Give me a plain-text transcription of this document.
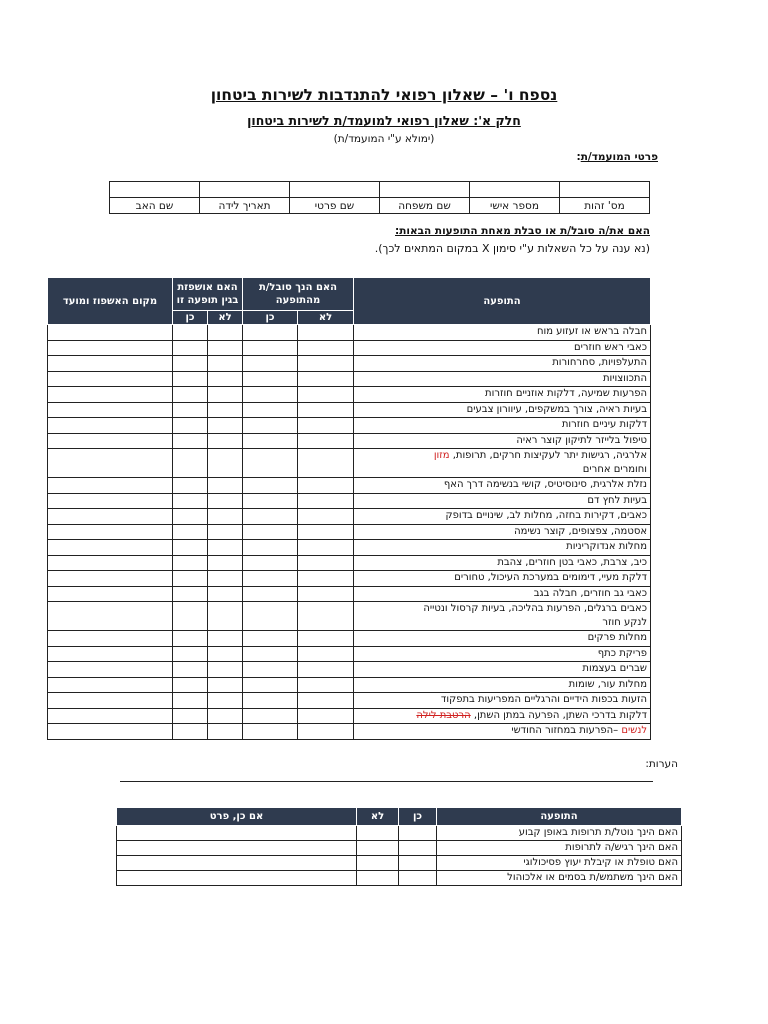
נספח ו' – שאלון רפואי להתנדבות לשירות ביטחון
חלק א': שאלון רפואי למועמד/ת לשירות ביטחון
(ימולא ע"י המועמד/ת)
פרטי המועמד/ת:

מס' זהות	מספר אישי	שם משפחה	שם פרטי	תאריך לידה	שם האב
האם את/ה סובל/ת או סבלת מאחת התופעות הבאות:
(נא ענה על כל השאלות ע"י סימון X במקום המתאים לכך).
התופעה	האם הנך סובל/ת מהתופעה		האם אושפזת בגין תופעה זו		מקום האשפוז ומועד
	לא	כן	לא	כן	
חבלה בראש או זעזוע מוח					
כאבי ראש חוזרים					
התעלפויות, סחרחורות					
התכווצויות					
הפרעות שמיעה, דלקות אוזניים חוזרות					
בעיות ראיה, צורך במשקפים, עיוורון צבעים					
דלקות עיניים חוזרות					
טיפול בלייזר לתיקון קוצר ראיה					
אלרגיה, רגישות יתר לעקיצות חרקים, תרופות, מזון
וחומרים אחרים					

נזלת אלרגית, סינוסיטיס, קושי בנשימה דרך האף					
בעיות לחץ דם					
כאבים, דקירות בחזה, מחלות לב, שינויים בדופק					
אסטמה, צפצופים, קוצר נשימה					
מחלות אנדוקריניות					
כיב, צרבת, כאבי בטן חוזרים, צהבת					
דלקת מעיי, דימומים במערכת העיכול, טחורים					
כאבי גב חוזרים, חבלה בגב					
כאבים ברגלים, הפרעות בהליכה, בעיות קרסול ונטייה
לנקע חוזר					

מחלות פרקים					
פריקת כתף					
שברים בעצמות					
מחלות עור, שומות					
הזעות בכפות הידיים והרגליים המפריעות בתפקוד					
דלקות בדרכי השתן, הפרעה במתן השתן, הרטבת לילה					
לנשים –הפרעות במחזור החודשי					
הערות:
התופעה	כן	לא	אם כן, פרט
האם הינך נוטל/ת תרופות באופן קבוע			
האם הינך רגיש/ה לתרופות			
האם טופלת או קיבלת יעוץ פסיכולוגי			
האם הינך משתמש/ת בסמים או אלכוהול			
